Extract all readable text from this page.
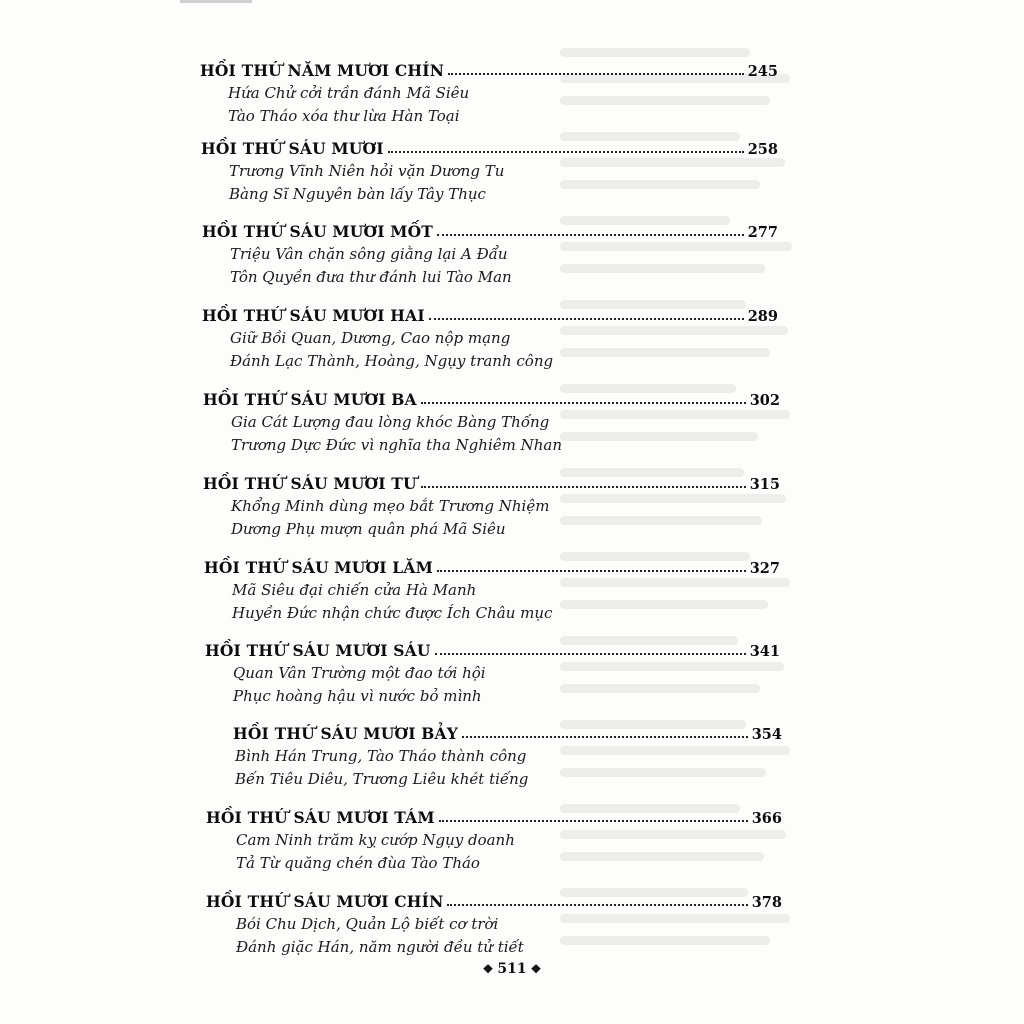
HỒI THỨ NĂM MƯƠI CHÍN	245
Hứa Chử cởi trần đánh Mã Siêu
Tào Tháo xóa thư lừa Hàn Toại
HỒI THỨ SÁU MƯƠI	258
Trương Vĩnh Niên hỏi vặn Dương Tu
Bàng Sĩ Nguyên bàn lấy Tây Thục
HỒI THỨ SÁU MƯƠI MỐT	277
Triệu Vân chặn sông giằng lại A Đẩu
Tôn Quyền đưa thư đánh lui Tào Man
HỒI THỨ SÁU MƯƠI HAI	289
Giữ Bồi Quan, Dương, Cao nộp mạng
Đánh Lạc Thành, Hoàng, Ngụy tranh công
HỒI THỨ SÁU MƯƠI BA	302
Gia Cát Lượng đau lòng khóc Bàng Thống
Trương Dực Đức vì nghĩa tha Nghiêm Nhan
HỒI THỨ SÁU MƯƠI TƯ	315
Khổng Minh dùng mẹo bắt Trương Nhiệm
Dương Phụ mượn quân phá Mã Siêu
HỒI THỨ SÁU MƯƠI LĂM	327
Mã Siêu đại chiến cửa Hà Manh
Huyền Đức nhận chức được Ích Châu mục
HỒI THỨ SÁU MƯƠI SÁU	341
Quan Vân Trường một đao tới hội
Phục hoàng hậu vì nước bỏ mình
HỒI THỨ SÁU MƯƠI BẢY	354
Bình Hán Trung, Tào Tháo thành công
Bến Tiêu Diêu, Trương Liêu khét tiếng
HỒI THỨ SÁU MƯƠI TÁM	366
Cam Ninh trăm kỵ cướp Ngụy doanh
Tả Từ quăng chén đùa Tào Tháo
HỒI THỨ SÁU MƯƠI CHÍN	378
Bói Chu Dịch, Quản Lộ biết cơ trời
Đánh giặc Hán, năm người đều tử tiết
❖ 511 ❖
